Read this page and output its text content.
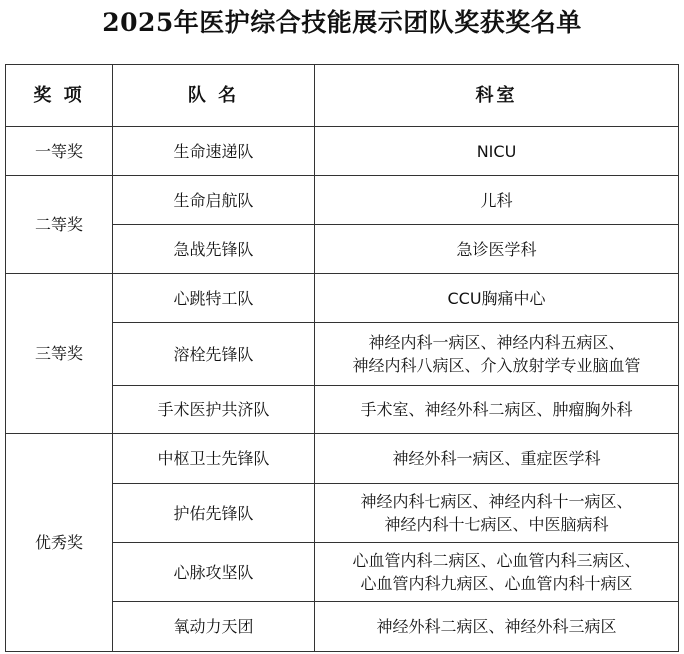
2025年医护综合技能展示团队奖获奖名单
奖 项	队 名	科室
一等奖	生命速递队	NICU

二等奖	生命启航队	儿科

	急战先锋队	急诊医学科

三等奖	心跳特工队	CCU胸痛中心

	溶栓先锋队	神经内科一病区、神经内科五病区、
神经内科八病区、介入放射学专业脑血管

	手术医护共济队	手术室、神经外科二病区、肿瘤胸外科

优秀奖	中枢卫士先锋队	神经外科一病区、重症医学科

	护佑先锋队	神经内科七病区、神经内科十一病区、
神经内科十七病区、中医脑病科

	心脉攻坚队	心血管内科二病区、心血管内科三病区、
心血管内科九病区、心血管内科十病区

	氧动力天团	神经外科二病区、神经外科三病区
